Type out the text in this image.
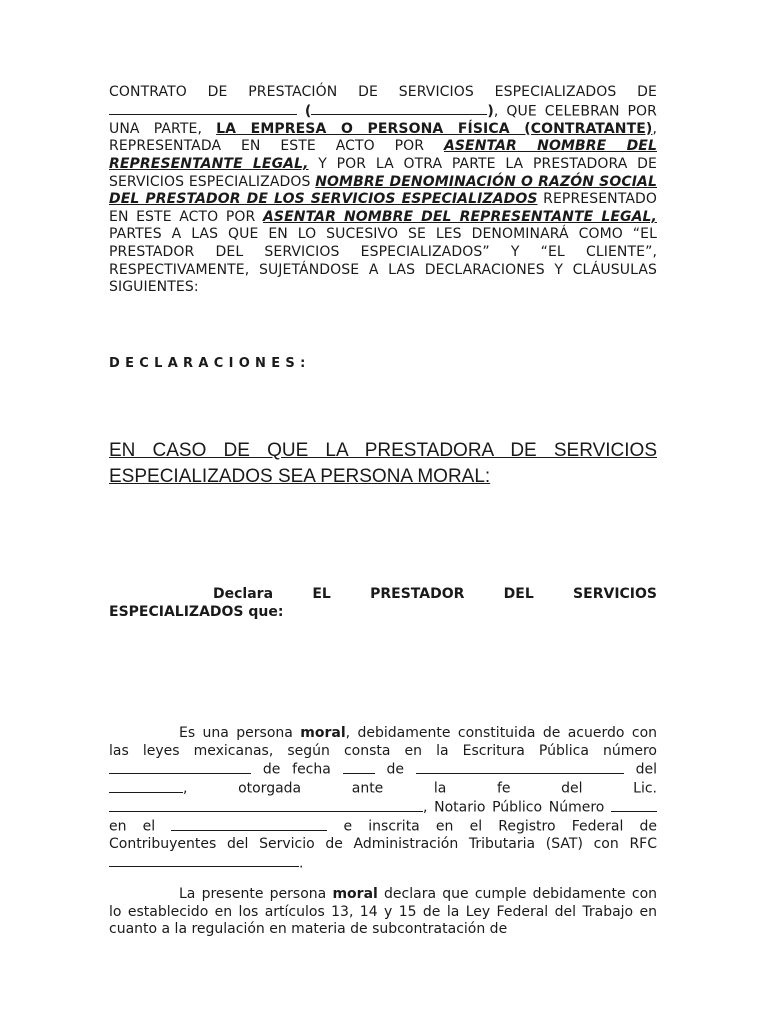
CONTRATO DE PRESTACIÓN DE SERVICIOS ESPECIALIZADOS DE  (	), QUE CELEBRAN POR UNA PARTE, LA EMPRESA O PERSONA FÍSICA (CONTRATANTE), REPRESENTADA EN ESTE ACTO POR ASENTAR NOMBRE DEL REPRESENTANTE LEGAL, Y POR LA OTRA PARTE LA PRESTADORA DE SERVICIOS ESPECIALIZADOS NOMBRE DENOMINACIÓN O RAZÓN SOCIAL DEL PRESTADOR DE LOS SERVICIOS ESPECIALIZADOS REPRESENTADO EN ESTE ACTO POR ASENTAR NOMBRE DEL REPRESENTANTE LEGAL, PARTES A LAS QUE EN LO SUCESIVO SE LES DENOMINARÁ COMO “EL PRESTADOR DEL SERVICIOS ESPECIALIZADOS” Y “EL CLIENTE”, RESPECTIVAMENTE, SUJETÁNDOSE A LAS DECLARACIONES Y CLÁUSULAS SIGUIENTES:

DECLARACIONES:

EN CASO DE QUE LA PRESTADORA DE SERVICIOS ESPECIALIZADOS SEA PERSONA MORAL:

Declara	EL PRESTADOR DEL SERVICIOS ESPECIALIZADOS que:

Es una persona moral, debidamente constituida de acuerdo con las leyes mexicanas, según consta en la Escritura Pública número  de fecha	de	del , otorgada ante la fe del Lic. , Notario Público Número  en el	e inscrita en el Registro Federal de Contribuyentes del Servicio de Administración Tributaria (SAT) con RFC .

La presente persona moral declara que cumple debidamente con lo establecido en los artículos 13, 14 y 15 de la Ley Federal del Trabajo en cuanto a la regulación en materia de subcontratación de
